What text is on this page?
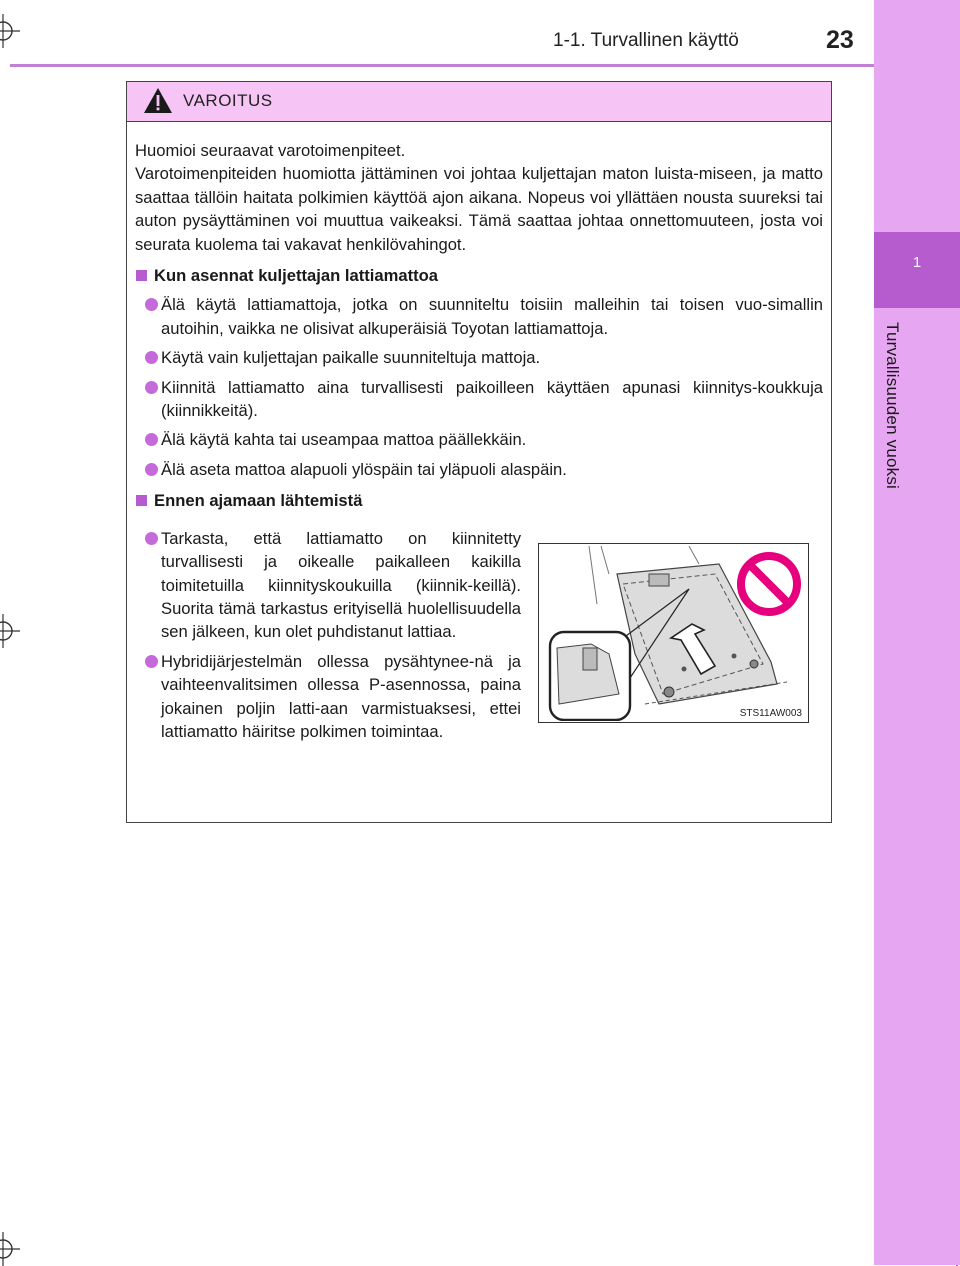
1
Turvallisuuden vuoksi
1-1. Turvallinen käyttö	23
VAROITUS

Huomioi seuraavat varotoimenpiteet.

Varotoimenpiteiden huomiotta jättäminen voi johtaa kuljettajan maton luista-miseen, ja matto saattaa tällöin haitata polkimien käyttöä ajon aikana. Nopeus voi yllättäen nousta suureksi tai auton pysäyttäminen voi muuttua vaikeaksi. Tämä saattaa johtaa onnettomuuteen, josta voi seurata kuolema tai vakavat henkilövahingot.

Kun asennat kuljettajan lattiamattoa
Älä käytä lattiamattoja, jotka on suunniteltu toisiin malleihin tai toisen vuo-simallin autoihin, vaikka ne olisivat alkuperäisiä Toyotan lattiamattoja.
Käytä vain kuljettajan paikalle suunniteltuja mattoja.
Kiinnitä lattiamatto aina turvallisesti paikoilleen käyttäen apunasi kiinnitys-koukkuja (kiinnikkeitä).
Älä käytä kahta tai useampaa mattoa päällekkäin.
Älä aseta mattoa alapuoli ylöspäin tai yläpuoli alaspäin.
Ennen ajamaan lähtemistä
Tarkasta, että lattiamatto on kiinnitetty turvallisesti ja oikealle paikalleen kaikilla toimitetuilla kiinnityskoukuilla (kiinnik-keillä). Suorita tämä tarkastus erityisellä huolellisuudella sen jälkeen, kun olet puhdistanut lattiaa.
Hybridijärjestelmän ollessa pysähtynee-nä ja vaihteenvalitsimen ollessa P-asennossa, paina jokainen poljin latti-aan varmistuaksesi, ettei lattiamatto häiritse polkimen toimintaa.
STS11AW003
